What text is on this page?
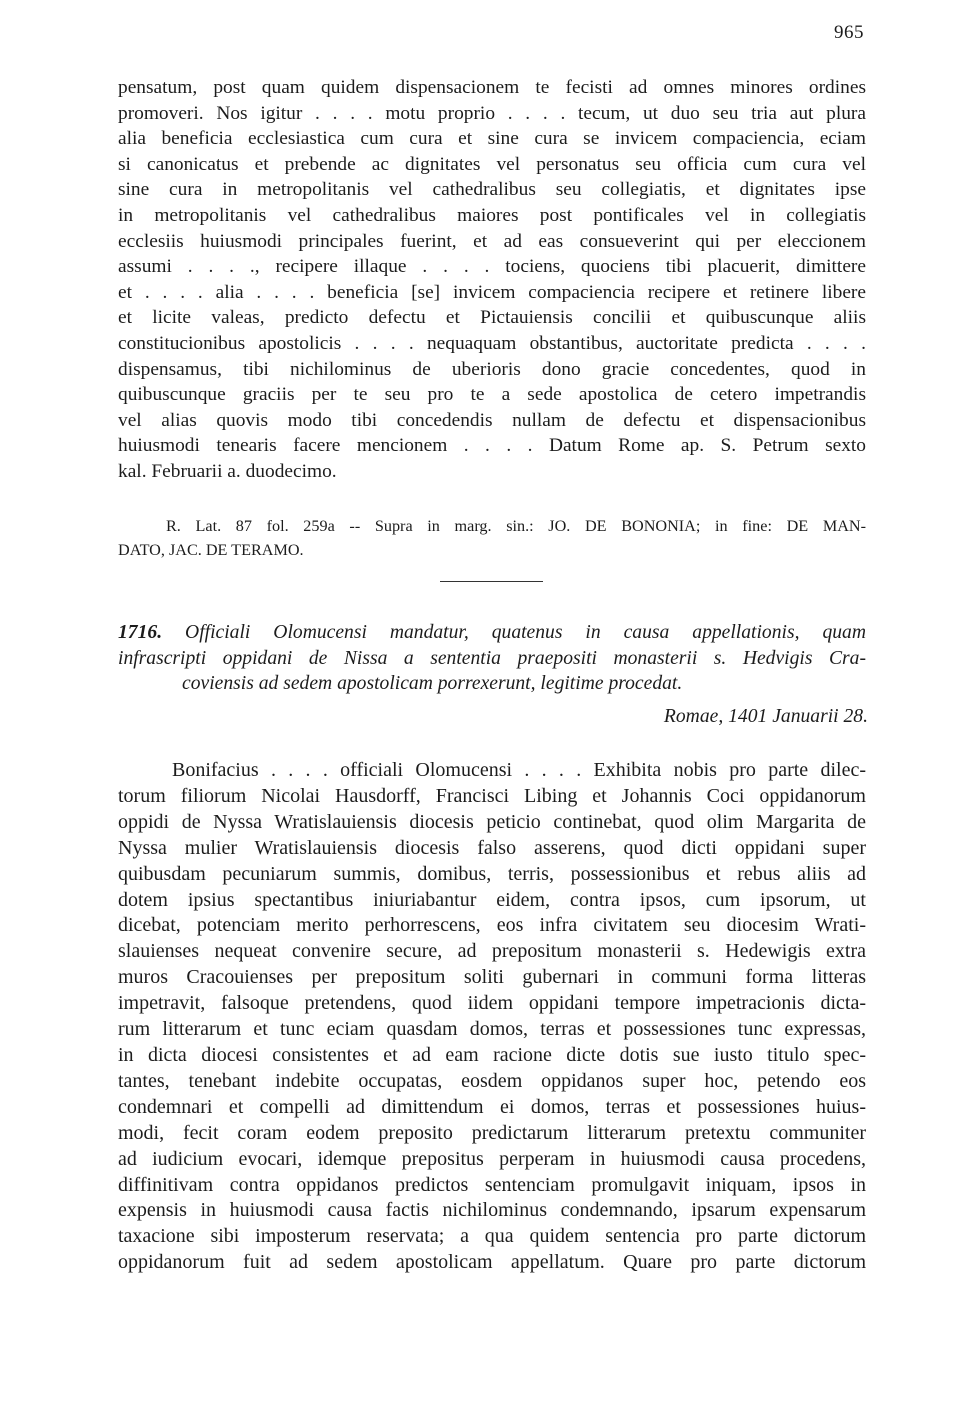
965
pensatum, post quam quidem dispensacionem te fecisti ad omnes minores ordines
promoveri. Nos igitur . . . . motu proprio . . . . tecum, ut duo seu tria aut plura
alia beneficia ecclesiastica cum cura et sine cura se invicem compaciencia, eciam
si canonicatus et prebende ac dignitates vel personatus seu officia cum cura vel
sine cura in metropolitanis vel cathedralibus seu collegiatis, et dignitates ipse
in metropolitanis vel cathedralibus maiores post pontificales vel in collegiatis
ecclesiis huiusmodi principales fuerint, et ad eas consueverint qui per eleccionem
assumi . . . ., recipere illaque . . . . tociens, quociens tibi placuerit, dimittere
et . . . . alia . . . . beneficia [se] invicem compaciencia recipere et retinere libere
et licite valeas, predicto defectu et Pictauiensis concilii et quibuscunque aliis
constitucionibus apostolicis . . . . nequaquam obstantibus, auctoritate predicta . . . .
dispensamus, tibi nichilominus de uberioris dono gracie concedentes, quod in
quibuscunque graciis per te seu pro te a sede apostolica de cetero impetrandis
vel alias quovis modo tibi concedendis nullam de defectu et dispensacionibus
huiusmodi tenearis facere mencionem . . . . Datum Rome ap. S. Petrum sexto
kal. Februarii a. duodecimo.
R. Lat. 87 fol. 259a -- Supra in marg. sin.: JO. DE BONONIA; in fine: DE MAN-
DATO, JAC. DE TERAMO.
1716. Officiali Olomucensi mandatur, quatenus in causa appellationis, quam
infrascripti oppidani de Nissa a sententia praepositi monasterii s. Hedvigis Cra-
coviensis ad sedem apostolicam porrexerunt, legitime procedat.
Romae, 1401 Januarii 28.
Bonifacius . . . . officiali Olomucensi . . . . Exhibita nobis pro parte dilec-
torum filiorum Nicolai Hausdorff, Francisci Libing et Johannis Coci oppidanorum
oppidi de Nyssa Wratislauiensis diocesis peticio continebat, quod olim Margarita de
Nyssa mulier Wratislauiensis diocesis falso asserens, quod dicti oppidani super
quibusdam pecuniarum summis, domibus, terris, possessionibus et rebus aliis ad
dotem ipsius spectantibus iniuriabantur eidem, contra ipsos, cum ipsorum, ut
dicebat, potenciam merito perhorrescens, eos infra civitatem seu diocesim Wrati-
slauienses nequeat convenire secure, ad prepositum monasterii s. Hedewigis extra
muros Cracouienses per prepositum soliti gubernari in communi forma litteras
impetravit, falsoque pretendens, quod iidem oppidani tempore impetracionis dicta-
rum litterarum et tunc eciam quasdam domos, terras et possessiones tunc expressas,
in dicta diocesi consistentes et ad eam racione dicte dotis sue iusto titulo spec-
tantes, tenebant indebite occupatas, eosdem oppidanos super hoc, petendo eos
condemnari et compelli ad dimittendum ei domos, terras et possessiones huius-
modi, fecit coram eodem preposito predictarum litterarum pretextu communiter
ad iudicium evocari, idemque prepositus perperam in huiusmodi causa procedens,
diffinitivam contra oppidanos predictos sentenciam promulgavit iniquam, ipsos in
expensis in huiusmodi causa factis nichilominus condemnando, ipsarum expensarum
taxacione sibi imposterum reservata; a qua quidem sentencia pro parte dictorum
oppidanorum fuit ad sedem apostolicam appellatum. Quare pro parte dictorum
